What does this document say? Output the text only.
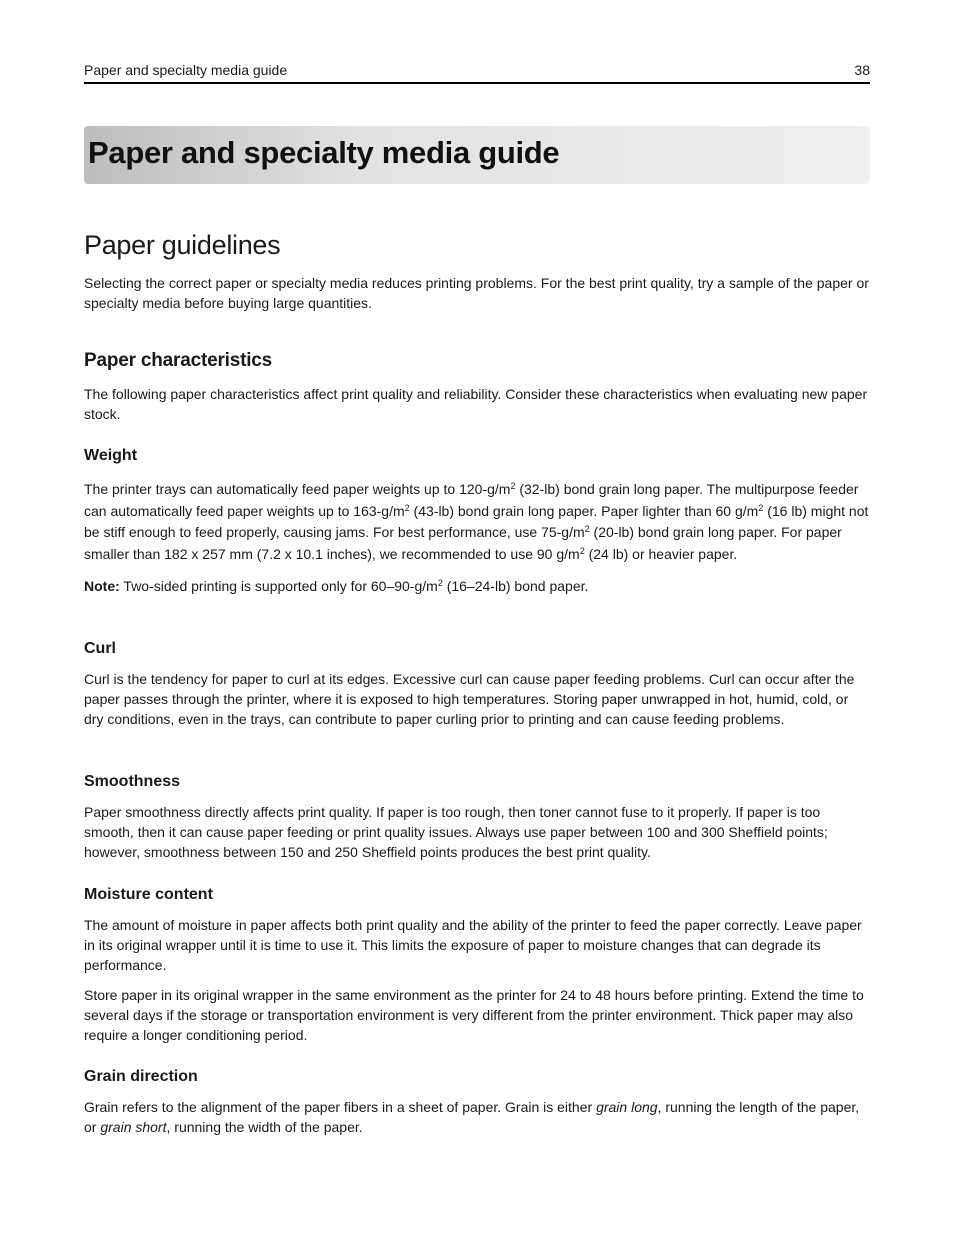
Paper and specialty media guide	38
Paper and specialty media guide
Paper guidelines

Selecting the correct paper or specialty media reduces printing problems. For the best print quality, try a sample of the paper or specialty media before buying large quantities.

Paper characteristics

The following paper characteristics affect print quality and reliability. Consider these characteristics when evaluating new paper stock.

Weight

The printer trays can automatically feed paper weights up to $120-g/m^2$ (32-lb) bond grain long paper. The multipurpose feeder can automatically feed paper weights up to $163-g/m^2$ (43-lb) bond grain long paper. Paper lighter than 60 $g/m^2$ (16 lb) might not be stiff enough to feed properly, causing jams. For best performance, use $75-g/m^2$ (20-lb) bond grain long paper. For paper smaller than 182 x 257 mm (7.2 x 10.1 inches), we recommended to use 90 $g/m^2$ (24 lb) or heavier paper.

Note: Two-sided printing is supported only for $60-90-g/m^2$ (16–24-lb) bond paper.

Curl

Curl is the tendency for paper to curl at its edges. Excessive curl can cause paper feeding problems. Curl can occur after the paper passes through the printer, where it is exposed to high temperatures. Storing paper unwrapped in hot, humid, cold, or dry conditions, even in the trays, can contribute to paper curling prior to printing and can cause feeding problems.

Smoothness

Paper smoothness directly affects print quality. If paper is too rough, then toner cannot fuse to it properly. If paper is too smooth, then it can cause paper feeding or print quality issues. Always use paper between 100 and 300 Sheffield points; however, smoothness between 150 and 250 Sheffield points produces the best print quality.

Moisture content

The amount of moisture in paper affects both print quality and the ability of the printer to feed the paper correctly. Leave paper in its original wrapper until it is time to use it. This limits the exposure of paper to moisture changes that can degrade its performance.

Store paper in its original wrapper in the same environment as the printer for 24 to 48 hours before printing. Extend the time to several days if the storage or transportation environment is very different from the printer environment. Thick paper may also require a longer conditioning period.

Grain direction

Grain refers to the alignment of the paper fibers in a sheet of paper. Grain is either grain long, running the length of the paper, or grain short, running the width of the paper.
